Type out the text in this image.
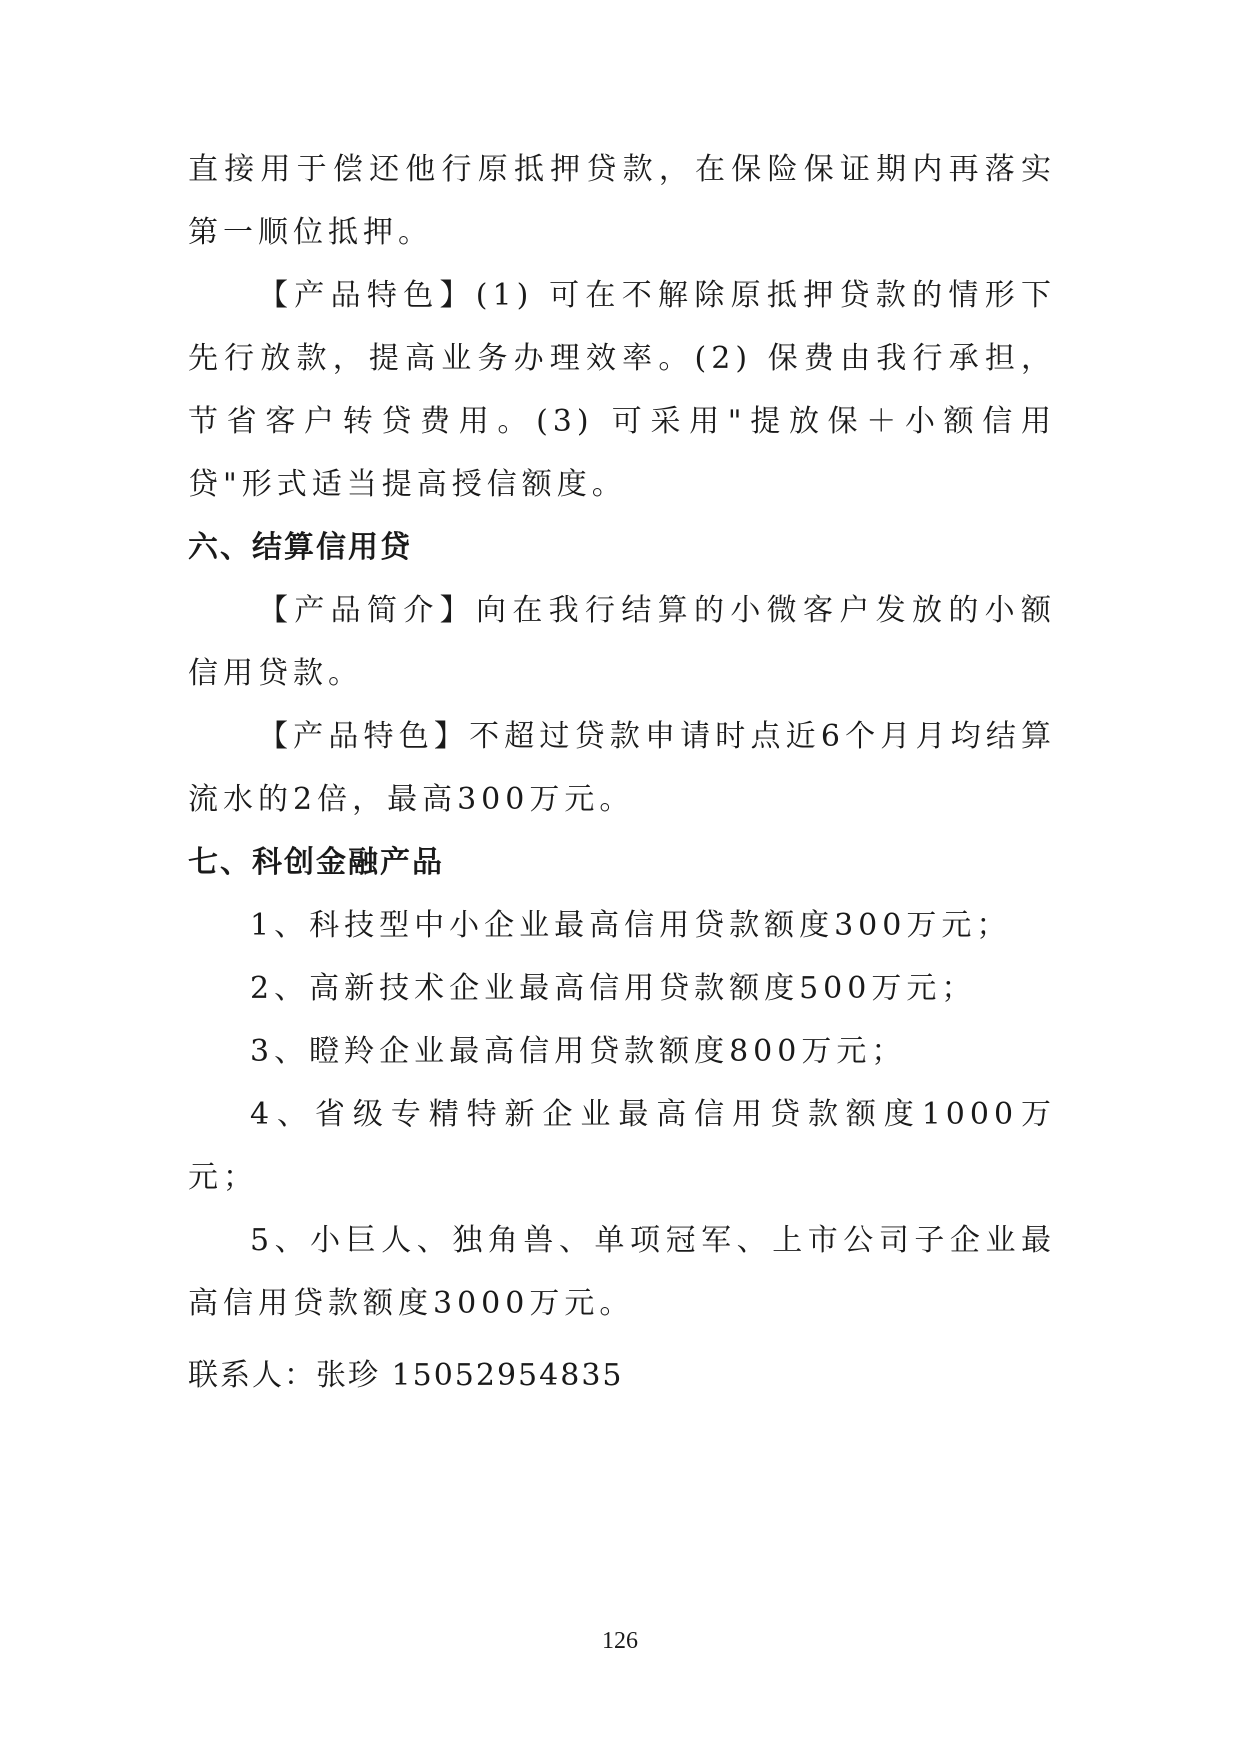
直接用于偿还他行原抵押贷款，在保险保证期内再落实第一顺位抵押。

【产品特色】(1) 可在不解除原抵押贷款的情形下先行放款，提高业务办理效率。(2) 保费由我行承担，节省客户转贷费用。(3) 可采用"提放保＋小额信用贷"形式适当提高授信额度。

六、结算信用贷

【产品简介】向在我行结算的小微客户发放的小额信用贷款。

【产品特色】不超过贷款申请时点近6个月月均结算流水的2倍，最高300万元。

七、科创金融产品

1、科技型中小企业最高信用贷款额度300万元；

2、高新技术企业最高信用贷款额度500万元；

3、瞪羚企业最高信用贷款额度800万元；

4、省级专精特新企业最高信用贷款额度1000万元；

5、小巨人、独角兽、单项冠军、上市公司子企业最高信用贷款额度3000万元。

联系人：张珍 15052954835

126
